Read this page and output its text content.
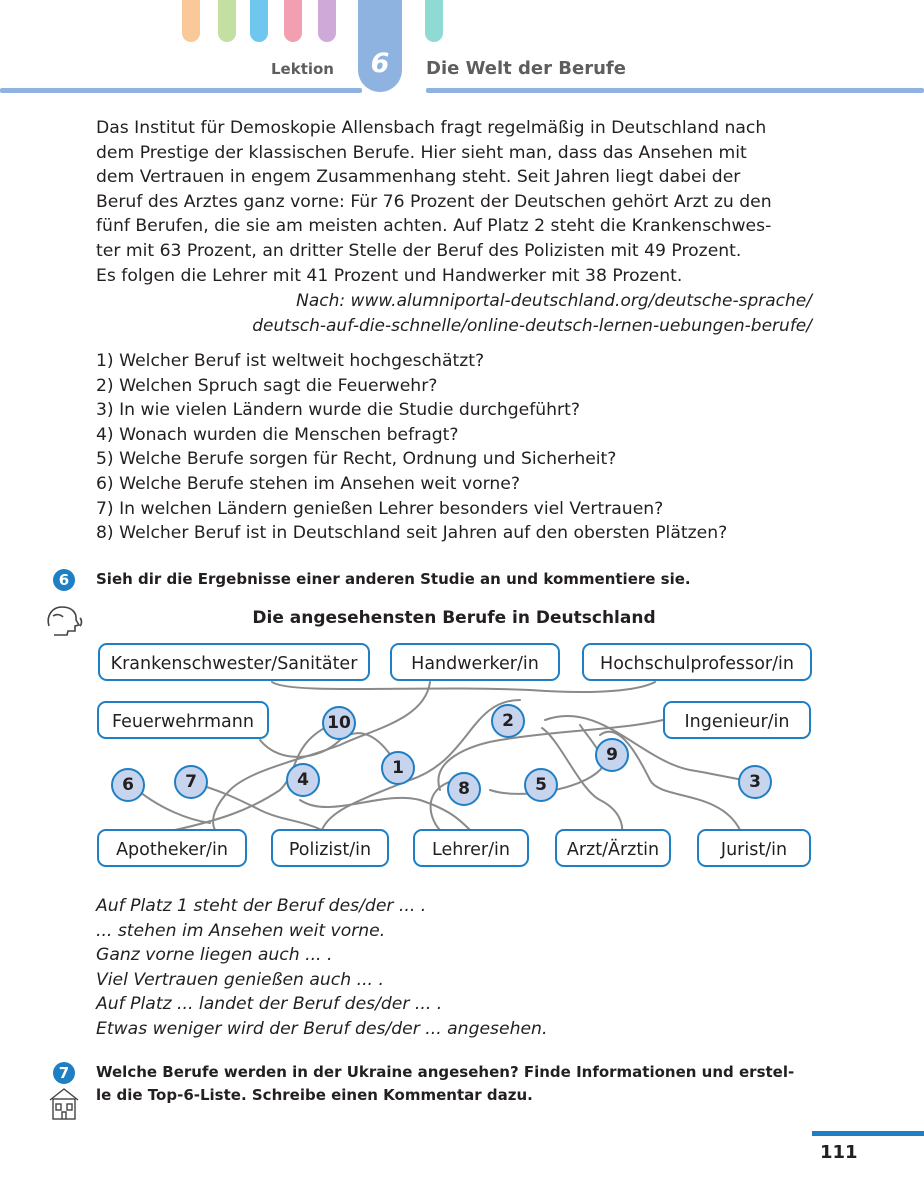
6
Lektion	Die Welt der Berufe
Das Institut für Demoskopie Allensbach fragt regelmäßig in Deutschland nach
dem Prestige der klassischen Berufe. Hier sieht man, dass das Ansehen mit
dem Vertrauen in engem Zusammenhang steht. Seit Jahren liegt dabei der
Beruf des Arztes ganz vorne: Für 76 Prozent der Deutschen gehört Arzt zu den
fünf Berufen, die sie am meisten achten. Auf Platz 2 steht die Krankenschwes-
ter mit 63 Prozent, an dritter Stelle der Beruf des Polizisten mit 49 Prozent.
Es folgen die Lehrer mit 41 Prozent und Handwerker mit 38 Prozent.
Nach: www.alumniportal-deutschland.org/deutsche-sprache/
deutsch-auf-die-schnelle/online-deutsch-lernen-uebungen-berufe/
1) Welcher Beruf ist weltweit hochgeschätzt?
2) Welchen Spruch sagt die Feuerwehr?
3) In wie vielen Ländern wurde die Studie durchgeführt?
4) Wonach wurden die Menschen befragt?
5) Welche Berufe sorgen für Recht, Ordnung und Sicherheit?
6) Welche Berufe stehen im Ansehen weit vorne?
7) In welchen Ländern genießen Lehrer besonders viel Vertrauen?
8) Welcher Beruf ist in Deutschland seit Jahren auf den obersten Plätzen?
6	Sieh dir die Ergebnisse einer anderen Studie an und kommentiere sie.
Die angesehensten Berufe in Deutschland
Krankenschwester/Sanitäter	Handwerker/in	Hochschulprofessor/in
Feuerwehrmann	Ingenieur/in
Apotheker/in	Polizist/in	Lehrer/in	Arzt/Ärztin	Jurist/in
10	2
9
1
6	7	4	8	5	3
Auf Platz 1 steht der Beruf des/der ... .
... stehen im Ansehen weit vorne.
Ganz vorne liegen auch ... .
Viel Vertrauen genießen auch ... .
Auf Platz ... landet der Beruf des/der ... .
Etwas weniger wird der Beruf des/der ... angesehen.
7	Welche Berufe werden in der Ukraine angesehen? Finde Informationen und erstel-
le die Top-6-Liste. Schreibe einen Kommentar dazu.
111
